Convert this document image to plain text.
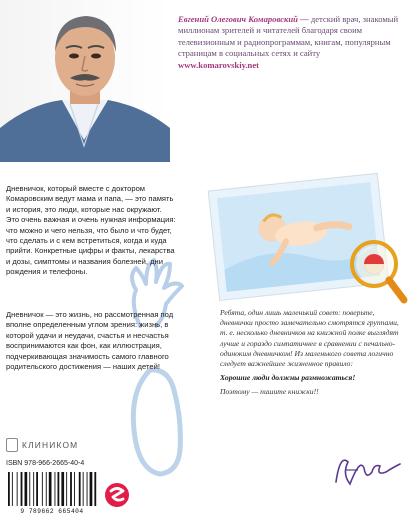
Евгений Олегович Комаровский — детский врач, знакомый миллионам зрителей и читателей благодаря своим телевизионным и радиопрограммам, книгам, популярным страницам в социальных сетях и сайту www.komarovskiy.net
Дневничок, который вместе с доктором Комаровским ведут мама и папа, — это память и история, это люди, которые нас окружают. Это очень важная и очень нужная информация: что можно и чего нельзя, что было и что будет, что сделать и с кем встретиться, когда и куда прийти. Конкретные цифры и факты, лекарства и дозы, симптомы и названия болезней, дни рождения и телефоны.
Дневничок — это жизнь, но рассмотренная под вполне определенным углом зрения: жизнь, в которой удачи и неудачи, счастья и несчастья воспринимаются как фон, как иллюстрация, подчеркивающая значимость самого главного родительского достижения — наших детей!
Ребята, один лишь маленький совет: поверьте, дневнички просто замечательно смотрятся группами, т. е. несколько дневничков на книжной полке выглядят лучше и гораздо симпатичнее в сравнении с печально-одиноким дневничком! Из маленького совета логично следует важнейшее жизненное правило:
Хорошие люди должны размножаться!
Поэтому — пишите книжки!!
КЛИНИКОМ
ISBN 978-966-2665-40-4
9 789662 665404
